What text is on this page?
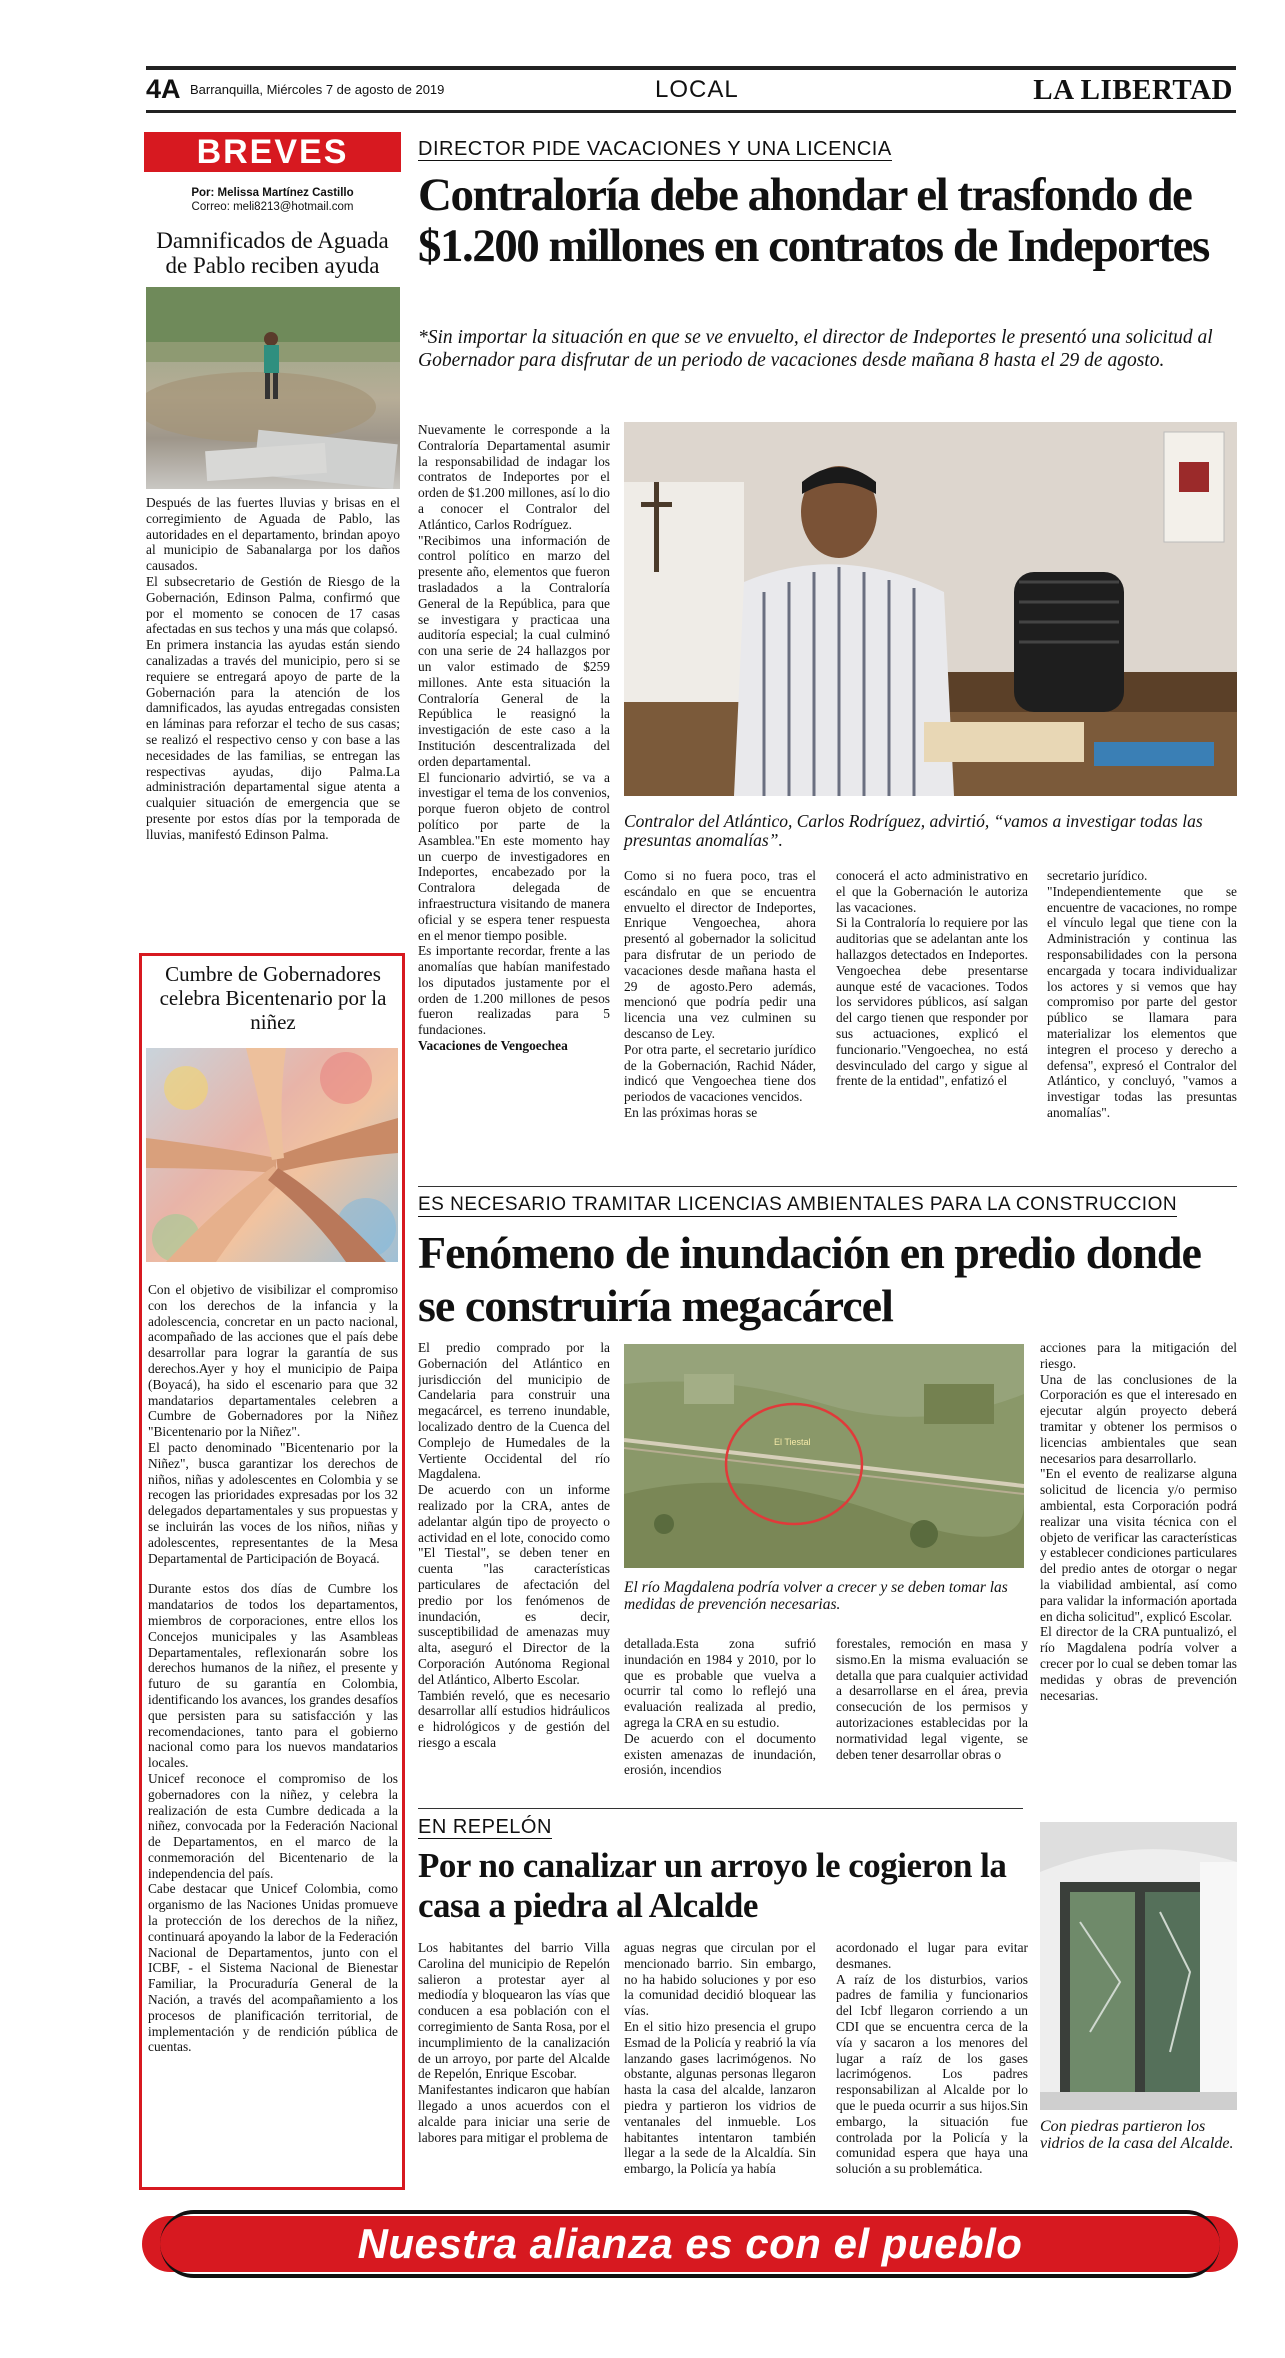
4A Barranquilla, Miércoles 7 de agosto de 2019	LOCAL	LA LIBERTAD
BREVES
Por: Melissa Martínez Castillo
Correo: meli8213@hotmail.com
Damnificados de Aguada de Pablo reciben ayuda

Después de las fuertes lluvias y brisas en el corregimiento de Aguada de Pablo, las autoridades en el departamento, brindan apoyo al municipio de Sabanalarga por los daños causados.

El subsecretario de Gestión de Riesgo de la Gobernación, Edinson Palma, confirmó que por el momento se conocen de 17 casas afectadas en sus techos y una más que colapsó.

En primera instancia las ayudas están siendo canalizadas a través del municipio, pero si se requiere se entregará apoyo de parte de la Gobernación para la atención de los damnificados, las ayudas entregadas consisten en láminas para reforzar el techo de sus casas; se realizó el respectivo censo y con base a las necesidades de las familias, se entregan las respectivas ayudas, dijo Palma.La administración departamental sigue atenta a cualquier situación de emergencia que se presente por estos días por la temporada de lluvias, manifestó Edinson Palma.

Cumbre de Gobernadores celebra Bicentenario por la niñez

Con el objetivo de visibilizar el compromiso con los derechos de la infancia y la adolescencia, concretar en un pacto nacional, acompañado de las acciones que el país debe desarrollar para lograr la garantía de sus derechos.Ayer y hoy el municipio de Paipa (Boyacá), ha sido el escenario para que 32 mandatarios departamentales celebren a Cumbre de Gobernadores por la Niñez "Bicentenario por la Niñez".

El pacto denominado "Bicentenario por la Niñez", busca garantizar los derechos de niños, niñas y adolescentes en Colombia y se recogen las prioridades expresadas por los 32 delegados departamentales y sus propuestas y se incluirán las voces de los niños, niñas y adolescentes, representantes de la Mesa Departamental de Participación de Boyacá.

Durante estos dos días de Cumbre los mandatarios de todos los departamentos, miembros de corporaciones, entre ellos los Concejos municipales y las Asambleas Departamentales, reflexionarán sobre los derechos humanos de la niñez, el presente y futuro de su garantía en Colombia, identificando los avances, los grandes desafíos que persisten para su satisfacción y las recomendaciones, tanto para el gobierno nacional como para los nuevos mandatarios locales.

Unicef reconoce el compromiso de los gobernadores con la niñez, y celebra la realización de esta Cumbre dedicada a la niñez, convocada por la Federación Nacional de Departamentos, en el marco de la conmemoración del Bicentenario de la independencia del país.

Cabe destacar que Unicef Colombia, como organismo de las Naciones Unidas promueve la protección de los derechos de la niñez, continuará apoyando la labor de la Federación Nacional de Departamentos, junto con el ICBF, - el Sistema Nacional de Bienestar Familiar, la Procuraduría General de la Nación, a través del acompañamiento a los procesos de planificación territorial, de implementación y de rendición pública de cuentas.

DIRECTOR PIDE VACACIONES Y UNA LICENCIA
Contraloría debe ahondar el trasfondo de $1.200 millones en contratos de Indeportes
*Sin importar la situación en que se ve envuelto, el director de Indeportes le presentó una solicitud al Gobernador para disfrutar de un periodo de vacaciones desde mañana 8 hasta el 29 de agosto.

Nuevamente le corresponde a la Contraloría Departamental asumir la responsabilidad de indagar los contratos de Indeportes por el orden de $1.200 millones, así lo dio a conocer el Contralor del Atlántico, Carlos Rodríguez.

"Recibimos una información de control político en marzo del presente año, elementos que fueron trasladados a la Contraloría General de la República, para que se investigara y practicaa una auditoría especial; la cual culminó con una serie de 24 hallazgos por un valor estimado de $259 millones. Ante esta situación la Contraloría General de la República le reasignó la investigación de este caso a la Institución descentralizada del orden departamental.

El funcionario advirtió, se va a investigar el tema de los convenios, porque fueron objeto de control político por parte de la Asamblea."En este momento hay un cuerpo de investigadores en Indeportes, encabezado por la Contralora delegada de infraestructura visitando de manera oficial y se espera tener respuesta en el menor tiempo posible.

Es importante recordar, frente a las anomalías que habían manifestado los diputados justamente por el orden de 1.200 millones de pesos fueron realizadas para 5 fundaciones.

Vacaciones de Vengoechea

Contralor del Atlántico, Carlos Rodríguez, advirtió, “vamos a investigar todas las presuntas anomalías”.

Como si no fuera poco, tras el escándalo en que se encuentra envuelto el director de Indeportes, Enrique Vengoechea, ahora presentó al gobernador la solicitud para disfrutar de un periodo de vacaciones desde mañana hasta el 29 de agosto.Pero además, mencionó que podría pedir una licencia una vez culminen su descanso de Ley.

Por otra parte, el secretario jurídico de la Gobernación, Rachid Náder, indicó que Vengoechea tiene dos periodos de vacaciones vencidos.

En las próximas horas se

conocerá el acto administrativo en el que la Gobernación le autoriza las vacaciones.

Si la Contraloría lo requiere por las auditorias que se adelantan ante los hallazgos detectados en Indeportes. Vengoechea debe presentarse aunque esté de vacaciones. Todos los servidores públicos, así salgan del cargo tienen que responder por sus actuaciones, explicó el funcionario."Vengoechea, no está desvinculado del cargo y sigue al frente de la entidad", enfatizó el

secretario jurídico.

"Independientemente que se encuentre de vacaciones, no rompe el vínculo legal que tiene con la Administración y continua las responsabilidades con la persona encargada y tocara individualizar los actores y si vemos que hay compromiso por parte del gestor público se llamara para materializar los elementos que integren el proceso y derecho a defensa", expresó el Contralor del Atlántico, y concluyó, "vamos a investigar todas las presuntas anomalías".

ES NECESARIO TRAMITAR LICENCIAS AMBIENTALES PARA LA CONSTRUCCION
Fenómeno de inundación en predio donde se construiría megacárcel

El predio comprado por la Gobernación del Atlántico en jurisdicción del municipio de Candelaria para construir una megacárcel, es terreno inundable, localizado dentro de la Cuenca del Complejo de Humedales de la Vertiente Occidental del río Magdalena.

De acuerdo con un informe realizado por la CRA, antes de adelantar algún tipo de proyecto o actividad en el lote, conocido como "El Tiestal", se deben tener en cuenta "las características particulares de afectación del predio por los fenómenos de inundación, es decir, susceptibilidad de amenazas muy alta, aseguró el Director de la Corporación Autónoma Regional del Atlántico, Alberto Escolar.

También reveló, que es necesario desarrollar allí estudios hidráulicos e hidrológicos y de gestión del riesgo a escala

El Tiestal
El río Magdalena podría volver a crecer y se deben tomar las medidas de prevención necesarias.

detallada.Esta zona sufrió inundación en 1984 y 2010, por lo que es probable que vuelva a ocurrir tal como lo reflejó una evaluación realizada al predio, agrega la CRA en su estudio.

De acuerdo con el documento existen amenazas de inundación, erosión, incendios

forestales, remoción en masa y sismo.En la misma evaluación se detalla que para cualquier actividad a desarrollarse en el área, previa consecución de los permisos y autorizaciones establecidas por la normatividad legal vigente, se deben tener desarrollar obras o

acciones para la mitigación del riesgo.

Una de las conclusiones de la Corporación es que el interesado en ejecutar algún proyecto deberá tramitar y obtener los permisos o licencias ambientales que sean necesarios para desarrollarlo.

"En el evento de realizarse alguna solicitud de licencia y/o permiso ambiental, esta Corporación podrá realizar una visita técnica con el objeto de verificar las características y establecer condiciones particulares del predio antes de otorgar o negar la viabilidad ambiental, así como para validar la información aportada en dicha solicitud", explicó Escolar.

El director de la CRA puntualizó, el río Magdalena podría volver a crecer por lo cual se deben tomar las medidas y obras de prevención necesarias.

EN REPELÓN
Por no canalizar un arroyo le cogieron la casa a piedra al Alcalde

Los habitantes del barrio Villa Carolina del municipio de Repelón salieron a protestar ayer al mediodía y bloquearon las vías que conducen a esa población con el corregimiento de Santa Rosa, por el incumplimiento de la canalización de un arroyo, por parte del Alcalde de Repelón, Enrique Escobar.

Manifestantes indicaron que habían llegado a unos acuerdos con el alcalde para iniciar una serie de labores para mitigar el problema de

aguas negras que circulan por el mencionado barrio. Sin embargo, no ha habido soluciones y por eso la comunidad decidió bloquear las vías.

En el sitio hizo presencia el grupo Esmad de la Policía y reabrió la vía lanzando gases lacrimógenos. No obstante, algunas personas llegaron hasta la casa del alcalde, lanzaron piedra y partieron los vidrios de ventanales del inmueble. Los habitantes intentaron también llegar a la sede de la Alcaldía. Sin embargo, la Policía ya había

acordonado el lugar para evitar desmanes.

A raíz de los disturbios, varios padres de familia y funcionarios del Icbf llegaron corriendo a un CDI que se encuentra cerca de la vía y sacaron a los menores del lugar a raíz de los gases lacrimógenos. Los padres responsabilizan al Alcalde por lo que le pueda ocurrir a sus hijos.Sin embargo, la situación fue controlada por la Policía y la comunidad espera que haya una solución a su problemática.

Con piedras partieron los vidrios de la casa del Alcalde.
Nuestra alianza es con el pueblo
